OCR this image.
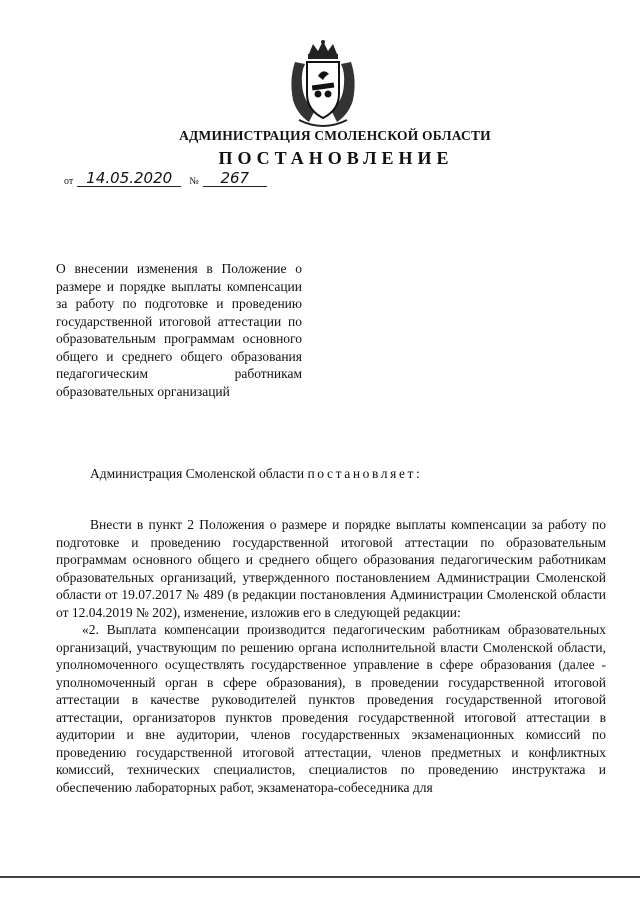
АДМИНИСТРАЦИЯ СМОЛЕНСКОЙ ОБЛАСТИ
ПОСТАНОВЛЕНИЕ
от 14.05.2020	№	267
О внесении изменения в Положение о размере и порядке выплаты компенсации за работу по подготовке и проведению государственной итоговой аттестации по образовательным программам основного общего и среднего общего образования педагогическим работникам образовательных организаций
Администрация Смоленской области постановляет:

Внести в пункт 2 Положения о размере и порядке выплаты компенсации за работу по подготовке и проведению государственной итоговой аттестации по образовательным программам основного общего и среднего общего образования педагогическим работникам образовательных организаций, утвержденного постановлением Администрации Смоленской области от 19.07.2017 № 489 (в редакции постановления Администрации Смоленской области от 12.04.2019 № 202), изменение, изложив его в следующей редакции:

«2. Выплата компенсации производится педагогическим работникам образовательных организаций, участвующим по решению органа исполнительной власти Смоленской области, уполномоченного осуществлять государственное управление в сфере образования (далее - уполномоченный орган в сфере образования), в проведении государственной итоговой аттестации в качестве руководителей пунктов проведения государственной итоговой аттестации, организаторов пунктов проведения государственной итоговой аттестации в аудитории и вне аудитории, членов государственных экзаменационных комиссий по проведению государственной итоговой аттестации, членов предметных и конфликтных комиссий, технических специалистов, специалистов по проведению инструктажа и обеспечению лабораторных работ, экзаменатора-собеседника для
